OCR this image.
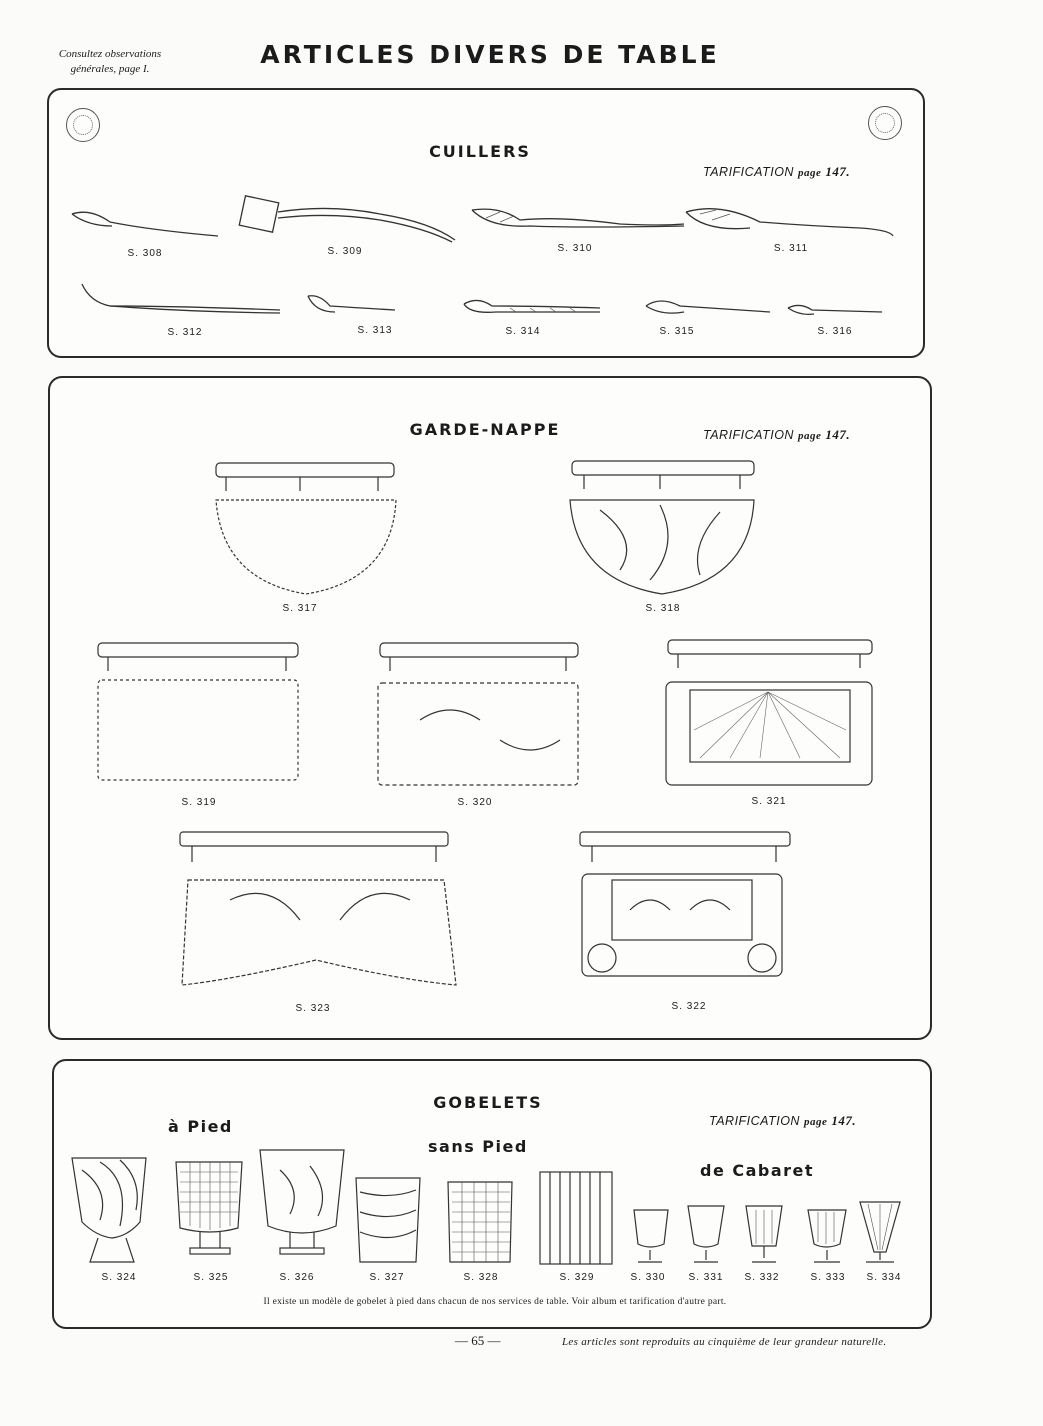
Consultez observations
générales, page I.	ARTICLES DIVERS DE TABLE
CUILLERS
TARIFICATION page 147.
S. 308	S. 309	S. 310	S. 311
S. 312	S. 313	S. 314	S. 315	S. 316
GARDE-NAPPE	TARIFICATION page 147.
S. 317	S. 318
S. 319	S. 320	S. 321
S. 323	S. 322
GOBELETS
TARIFICATION page 147.
à Pied
sans Pied
de Cabaret
S. 324	S. 325	S. 326	S. 327	S. 328	S. 329	S. 330	S. 331	S. 332	S. 333	S. 334
Il existe un modèle de gobelet à pied dans chacun de nos services de table. Voir album et tarification d'autre part.
— 65 —	Les articles sont reproduits au cinquième de leur grandeur naturelle.
